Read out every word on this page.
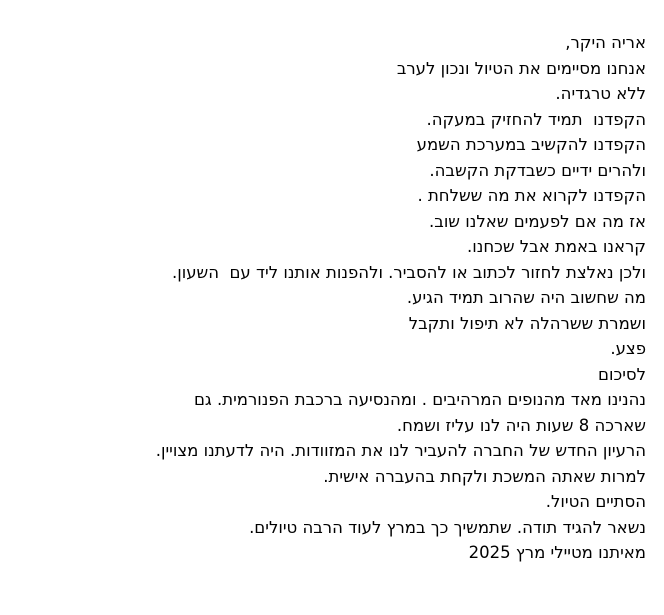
אריה היקר,
אנחנו מסיימים את הטיול ונכון לערב
ללא טרגדיה.
הקפדנו  תמיד להחזיק במעקה.
הקפדנו להקשיב במערכת השמע
ולהרים ידיים כשבדקת הקשבה.
הקפדנו לקרוא את מה ששלחת .
אז מה אם לפעמים שאלנו שוב.
קראנו באמת אבל שכחנו.
ולכן נאלצת לחזור לכתוב או להסביר. ולהפנות אותנו ליד עם  השעון.
מה שחשוב היה שהרוב תמיד הגיע.
ושמרת ששרהלה לא תיפול ותקבל
פצע.
לסיכום
נהנינו מאד מהנופים המרהיבים . ומהנסיעה ברכבת הפנורמית. גם
שארכה 8 שעות היה לנו עליז ושמח.
הרעיון החדש של החברה להעביר לנו את המזוודות. היה לדעתנו מצויין.
למרות שאתה המשכת ולקחת בהעברה אישית.
הסתיים הטיול.
נשאר להגיד תודה. שתמשיך כך במרץ לעוד הרבה טיולים.
מאיתנו מטיילי מרץ 2025
